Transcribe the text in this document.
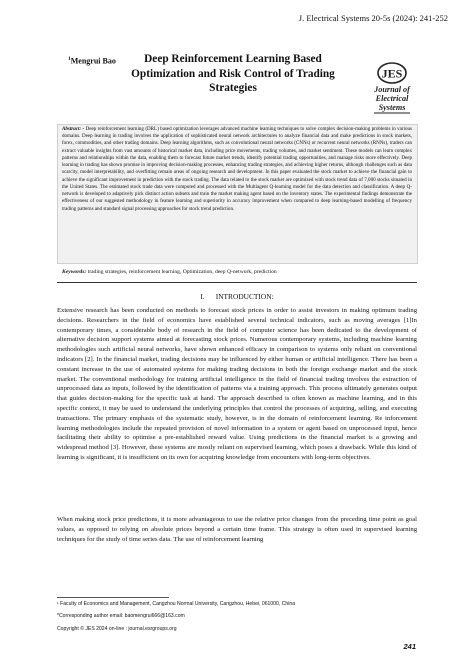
J. Electrical Systems 20-5s (2024): 241-252
$^1$Mengrui Bao	Deep Reinforcement Learning Based Optimization and Risk Control of Trading Strategies
JES
Journal of
Electrical
Systems
Abstract: - Deep reinforcement learning (DRL) based optimization leverages advanced machine learning techniques to solve complex decision-making problems in various domains. Deep learning in trading involves the application of sophisticated neural network architectures to analyze financial data and make predictions in stock markets, forex, commodities, and other trading domains. Deep learning algorithms, such as convolutional neural networks (CNNs) or recurrent neural networks (RNNs), traders can extract valuable insights from vast amounts of historical market data, including price movements, trading volumes, and market sentiment. These models can learn complex patterns and relationships within the data, enabling them to forecast future market trends, identify potential trading opportunities, and manage risks more effectively. Deep learning in trading has shown promise in improving decision-making processes, enhancing trading strategies, and achieving higher returns, although challenges such as data scarcity, model interpretability, and overfitting remain areas of ongoing research and development. In this paper evaluated the stock market to achieve the financial gain to achieve the significant improvement in prediction with the stock trading. The data related to the stock market are optimized with stock trend data of 7,000 stocks situated in the United States. The estimated stock trade data were computed and processed with the Multiagent Q-learning model for the data detection and classification. A deep Q-network is developed to adaptively pick distinct action subsets and train the market making agent based on the inventory states. The experimental findings demonstrate the effectiveness of our suggested methodology in feature learning and superiority in accuracy improvement when compared to deep learning-based modelling of frequency trading patterns and standard signal processing approaches for stock trend prediction.
Keywords: trading strategies, reinforcement learning, Optimization, deep Q-network, prediction
I.      INTRODUCTION:
Extensive research has been conducted on methods to forecast stock prices in order to assist investors in making optimum trading decisions. Researchers in the field of economics have established several technical indicators, such as moving averages [1]In contemporary times, a considerable body of research in the field of computer science has been dedicated to the development of alternative decision support systems aimed at forecasting stock prices. Numerous contemporary systems, including machine learning methodologies such artificial neural networks, have shown enhanced efficacy in comparison to systems only reliant on conventional indicators [2]. In the financial market, trading decisions may be influenced by either human or artificial intelligence. There has been a constant increase in the use of automated systems for making trading decisions in both the foreign exchange market and the stock market. The conventional methodology for training artificial intelligence in the field of financial trading involves the extraction of unprocessed data as inputs, followed by the identification of patterns via a training approach. This process ultimately generates output that guides decision-making for the specific task at hand. The approach described is often known as machine learning, and in this specific context, it may be used to understand the underlying principles that control the processes of acquiring, selling, and executing transactions. The primary emphasis of the systematic study, however, is in the domain of reinforcement learning. Re inforcement learning methodologies include the repeated provision of novel information to a system or agent based on unprocessed input, hence facilitating their ability to optimise a pre-established reward value. Using predictions in the financial market is a growing and widespread method [3]. However, these systems are mostly reliant on supervised learning, which poses a drawback. While this kind of learning is significant, it is insufficient on its own for acquiring knowledge from encounters with long-term objectives.
When making stock price predictions, it is more advantageous to use the relative price changes from the preceding time point as goal values, as opposed to relying on absolute prices beyond a certain time frame. This strategy is often used in supervised learning techniques for the study of time series data. The use of reinforcement learning
¹ Faculty of Economics and Management, Cangzhou Normal University, Cangzhou, Hebei, 061000, China
*Corresponding author email: baomengrui666@163.com
Copyright © JES 2024 on-line : journal.esrgroups.org
241
